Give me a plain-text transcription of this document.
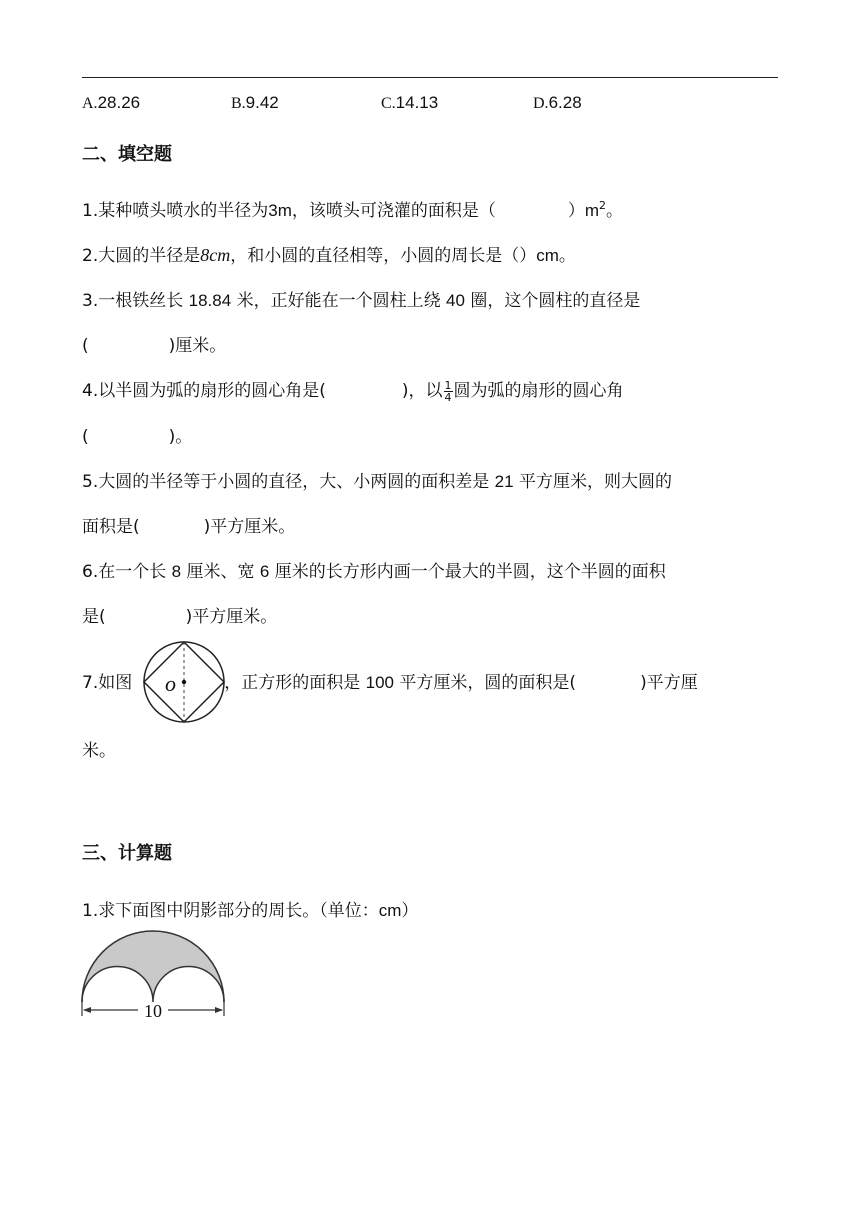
A.28.26	B.9.42	C.14.13	D.6.28
二、填空题
1.某种喷头喷水的半径为3m，该喷头可浇灌的面积是（	）$m^2$。
2.大圆的半径是8cm，和小圆的直径相等，小圆的周长是（）cm。
3.一根铁丝长 18.84 米，正好能在一个圆柱上绕 40 圈，这个圆柱的直径是
(	)厘米。
4.以半圆为弧的扇形的圆心角是(	)，以 $\frac{1}{4}$ 圆为弧的扇形的圆心角
(	)。
5.大圆的半径等于小圆的直径，大、小两圆的面积差是 21 平方厘米，则大圆的
面积是(	)平方厘米。
6.在一个长 8 厘米、宽 6 厘米的长方形内画一个最大的半圆，这个半圆的面积
是(	)平方厘米。
7.如图	，正方形的面积是 100 平方厘米，圆的面积是(	)平方厘
o
米。
三、计算题
1.求下面图中阴影部分的周长。（单位：cm）
10
